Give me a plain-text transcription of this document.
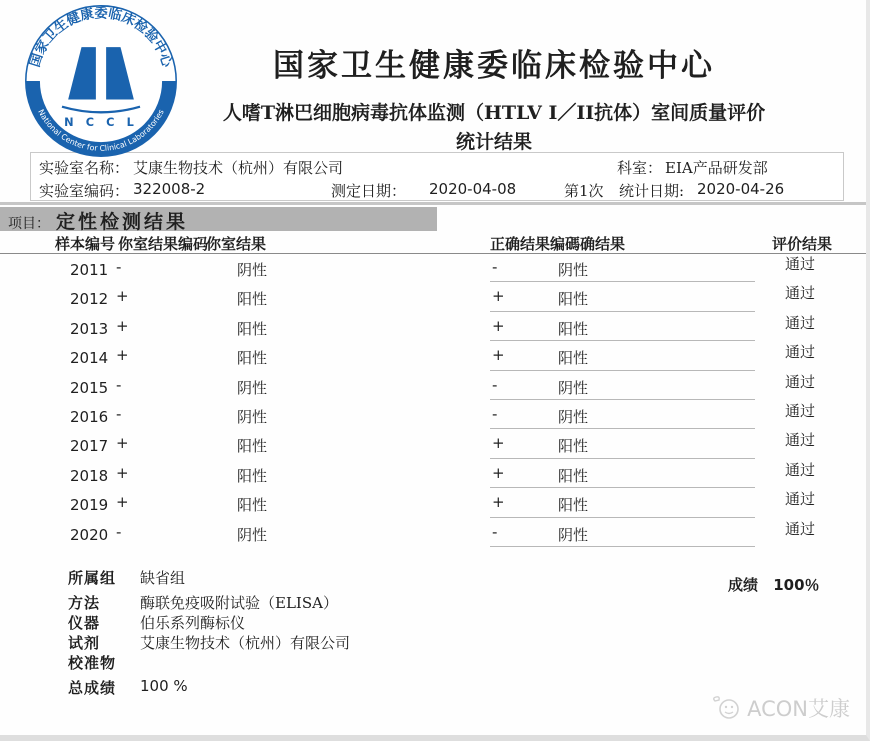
国家卫生健康委临床检验中心
National Center for Clinical Laboratories
N C C L
国家卫生健康委临床检验中心
人嗜T淋巴细胞病毒抗体监测（HTLV I／II抗体）室间质量评价
统计结果
实验室名称： 艾康生物技术（杭州）有限公司	科室： EIA产品研发部
实验室编码： 322008-2	测定日期： 2020-04-08	第1次 统计日期: 2020-04-26
项目： 定性检测结果
样本编号 你室结果编码
你室结果	正确结果编碼确结果	评价结果
2011 -	阴性	-	阴性	通过
2012 +	阳性	+	阳性	通过
2013 +	阳性	+	阳性	通过
2014 +	阳性	+	阳性	通过
2015 -	阴性	-	阴性	通过
2016 -	阴性	-	阴性	通过
2017 +	阳性	+	阳性	通过
2018 +	阳性	+	阳性	通过
2019 +	阳性	+	阳性	通过
2020 -	阴性	-	阴性	通过
所属组 缺省组	成绩 100％
方法	酶联免疫吸附试验（ELISA）
仪器	伯乐系列酶标仪
试剂	艾康生物技术（杭州）有限公司
校准物
总成绩 100 %
ACON艾康
